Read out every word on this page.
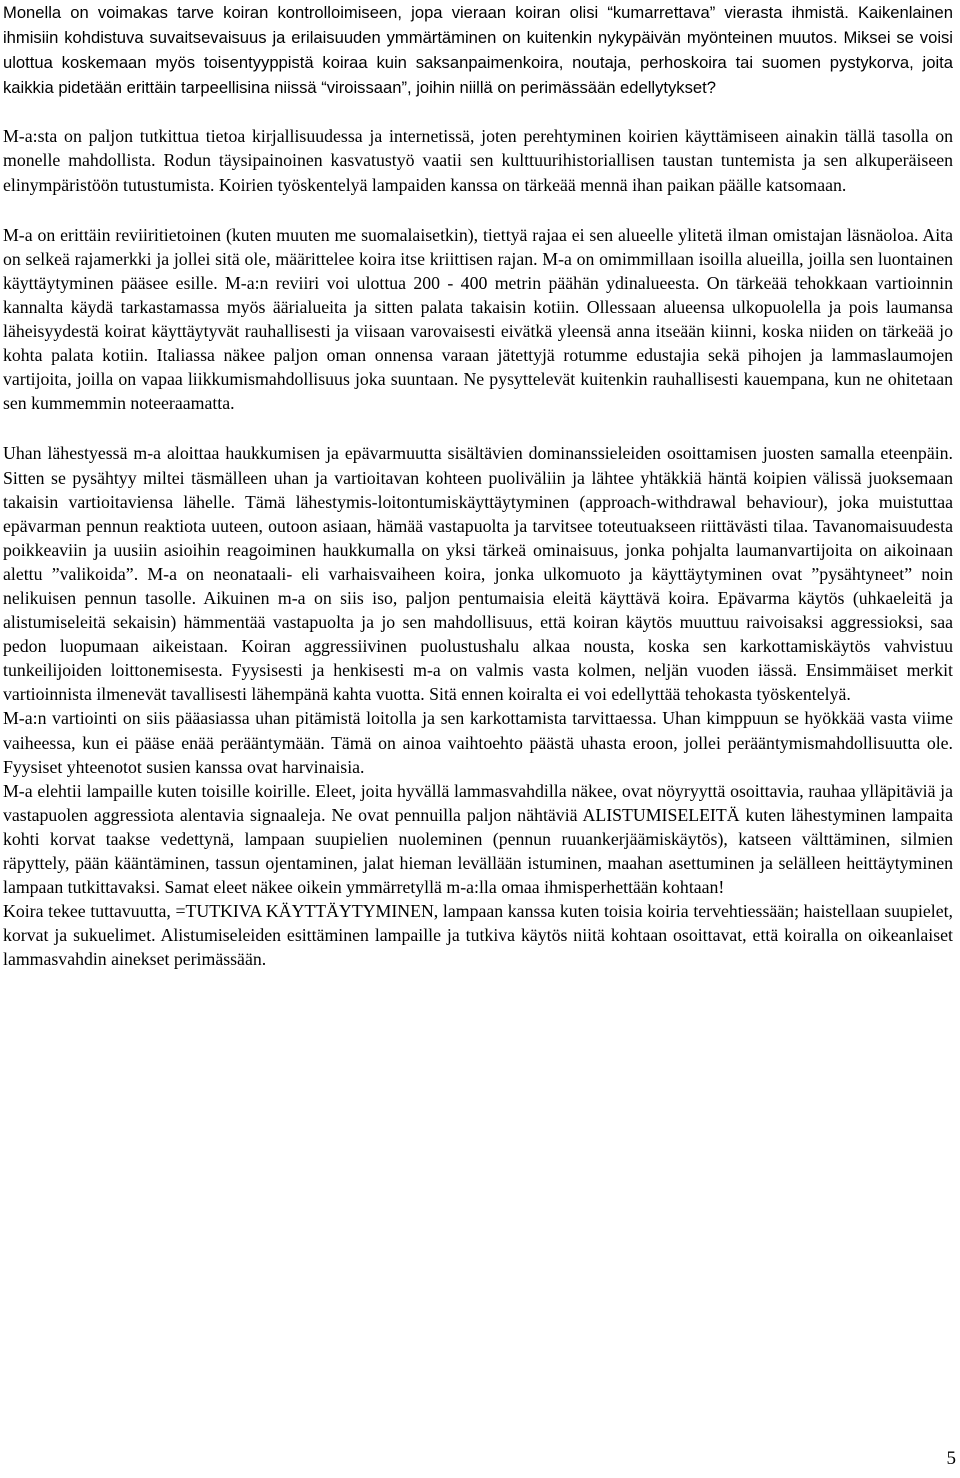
Monella on voimakas tarve koiran kontrolloimiseen, jopa vieraan koiran olisi “kumarrettava” vierasta ihmistä. Kaikenlainen ihmisiin kohdistuva suvaitsevaisuus ja erilaisuuden ymmärtäminen on kuitenkin nykypäivän myönteinen muutos. Miksei se voisi ulottua koskemaan myös toisentyyppistä koiraa kuin saksanpaimenkoira, noutaja, perhoskoira tai suomen pystykorva, joita kaikkia pidetään erittäin tarpeellisina niissä “viroissaan”, joihin niillä on perimässään edellytykset?

M-a:sta on paljon tutkittua tietoa kirjallisuudessa ja internetissä, joten perehtyminen koirien käyttämiseen ainakin tällä tasolla on monelle mahdollista. Rodun täysipainoinen kasvatustyö vaatii sen kulttuurihistoriallisen taustan tuntemista ja sen alkuperäiseen elinympäristöön tutustumista. Koirien työskentelyä lampaiden kanssa on tärkeää mennä ihan paikan päälle katsomaan.

M-a on erittäin reviiritietoinen (kuten muuten me suomalaisetkin), tiettyä rajaa ei sen alueelle ylitetä ilman omistajan läsnäoloa. Aita on selkeä rajamerkki ja jollei sitä ole, määrittelee koira itse kriittisen rajan. M-a on omimmillaan isoilla alueilla, joilla sen luontainen käyttäytyminen pääsee esille. M-a:n reviiri voi ulottua 200 - 400 metrin päähän ydinalueesta. On tärkeää tehokkaan vartioinnin kannalta käydä tarkastamassa myös äärialueita ja sitten palata takaisin kotiin. Ollessaan alueensa ulkopuolella ja pois laumansa läheisyydestä koirat käyttäytyvät rauhallisesti ja viisaan varovaisesti eivätkä yleensä anna itseään kiinni, koska niiden on tärkeää jo kohta palata kotiin. Italiassa näkee paljon oman onnensa varaan jätettyjä rotumme edustajia sekä pihojen ja lammaslaumojen vartijoita, joilla on vapaa liikkumismahdollisuus joka suuntaan. Ne pysyttelevät kuitenkin rauhallisesti kauempana, kun ne ohitetaan sen kummemmin noteeraamatta.

Uhan lähestyessä m-a aloittaa haukkumisen ja epävarmuutta sisältävien dominanssieleiden osoittamisen juosten samalla eteenpäin. Sitten se pysähtyy miltei täsmälleen uhan ja vartioitavan kohteen puoliväliin ja lähtee yhtäkkiä häntä koipien välissä juoksemaan takaisin vartioitaviensa lähelle. Tämä lähestymis-loitontumiskäyttäytyminen (approach-withdrawal behaviour), joka muistuttaa epävarman pennun reaktiota uuteen, outoon asiaan, hämää vastapuolta ja tarvitsee toteutuakseen riittävästi tilaa. Tavanomaisuudesta poikkeaviin ja uusiin asioihin reagoiminen haukkumalla on yksi tärkeä ominaisuus, jonka pohjalta laumanvartijoita on aikoinaan alettu ”valikoida”. M-a on neonataali- eli varhaisvaiheen koira, jonka ulkomuoto ja käyttäytyminen ovat ”pysähtyneet” noin nelikuisen pennun tasolle. Aikuinen m-a on siis iso, paljon pentumaisia eleitä käyttävä koira. Epävarma käytös (uhkaeleitä ja alistumiseleitä sekaisin) hämmentää vastapuolta ja jo sen mahdollisuus, että koiran käytös muuttuu raivoisaksi aggressioksi, saa pedon luopumaan aikeistaan. Koiran aggressiivinen puolustushalu alkaa nousta, koska sen karkottamiskäytös vahvistuu tunkeilijoiden loittonemisesta. Fyysisesti ja henkisesti m-a on valmis vasta kolmen, neljän vuoden iässä. Ensimmäiset merkit vartioinnista ilmenevät tavallisesti lähempänä kahta vuotta. Sitä ennen koiralta ei voi edellyttää tehokasta työskentelyä.

M-a:n vartiointi on siis pääasiassa uhan pitämistä loitolla ja sen karkottamista tarvittaessa. Uhan kimppuun se hyökkää vasta viime vaiheessa, kun ei pääse enää perääntymään. Tämä on ainoa vaihtoehto päästä uhasta eroon, jollei perääntymismahdollisuutta ole. Fyysiset yhteenotot susien kanssa ovat harvinaisia.

M-a elehtii lampaille kuten toisille koirille. Eleet, joita hyvällä lammasvahdilla näkee, ovat nöyryyttä osoittavia, rauhaa ylläpitäviä ja vastapuolen aggressiota alentavia signaaleja. Ne ovat pennuilla paljon nähtäviä ALISTUMISELEITÄ kuten lähestyminen lampaita kohti korvat taakse vedettynä, lampaan suupielien nuoleminen (pennun ruuankerjäämiskäytös), katseen välttäminen, silmien räpyttely, pään kääntäminen, tassun ojentaminen, jalat hieman levällään istuminen, maahan asettuminen ja selälleen heittäytyminen lampaan tutkittavaksi. Samat eleet näkee oikein ymmärretyllä m-a:lla omaa ihmisperhettään kohtaan!

Koira tekee tuttavuutta, =TUTKIVA KÄYTTÄYTYMINEN, lampaan kanssa kuten toisia koiria tervehtiessään; haistellaan suupielet, korvat ja sukuelimet. Alistumiseleiden esittäminen lampaille ja tutkiva käytös niitä kohtaan osoittavat, että koiralla on oikeanlaiset lammasvahdin ainekset perimässään.

5
